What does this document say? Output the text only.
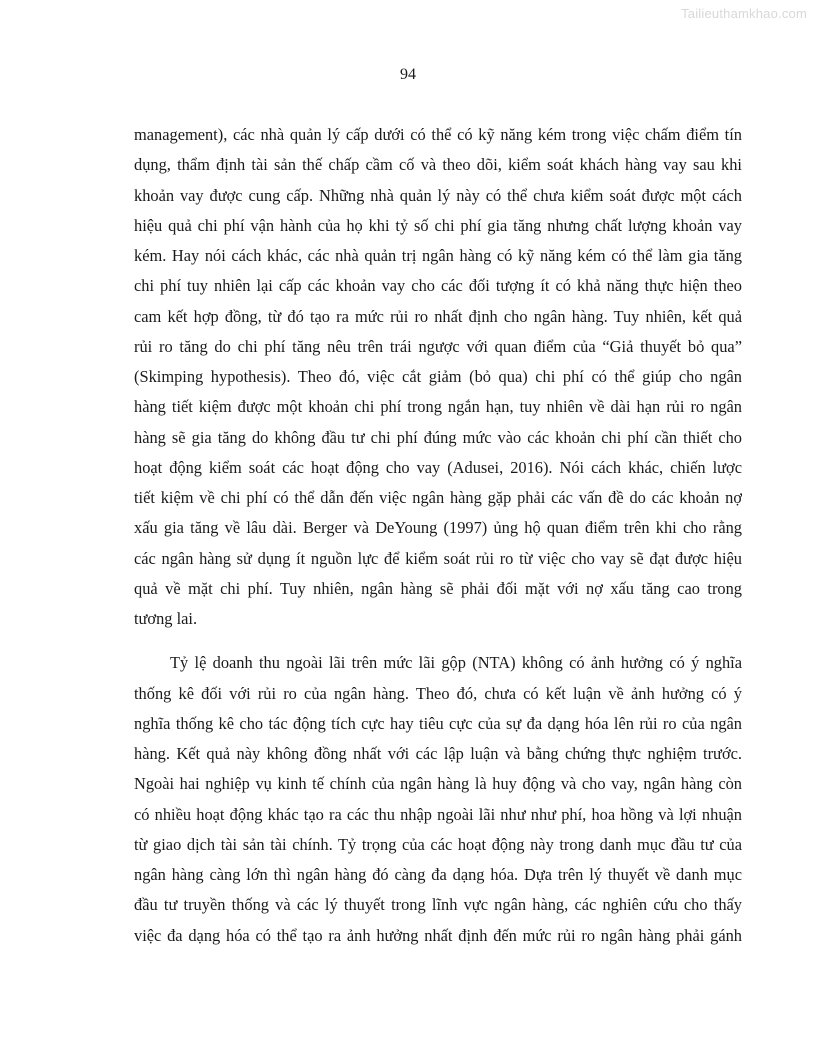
Tailieuthamkhao.com
94
management), các nhà quản lý cấp dưới có thể có kỹ năng kém trong việc chấm điểm tín
dụng, thẩm định tài sản thế chấp cầm cố và theo dõi, kiểm soát khách hàng vay sau khi
khoản vay được cung cấp. Những nhà quản lý này có thể chưa kiểm soát được một cách
hiệu quả chi phí vận hành của họ khi tỷ số chi phí gia tăng nhưng chất lượng khoản vay
kém. Hay nói cách khác, các nhà quản trị ngân hàng có kỹ năng kém có thể làm gia tăng
chi phí tuy nhiên lại cấp các khoản vay cho các đối tượng ít có khả năng thực hiện theo
cam kết hợp đồng, từ đó tạo ra mức rủi ro nhất định cho ngân hàng. Tuy nhiên, kết quả
rủi ro tăng do chi phí tăng nêu trên trái ngược với quan điểm của “Giả thuyết bỏ qua”
(Skimping hypothesis). Theo đó, việc cắt giảm (bỏ qua) chi phí có thể giúp cho ngân
hàng tiết kiệm được một khoản chi phí trong ngắn hạn, tuy nhiên về dài hạn rủi ro ngân
hàng sẽ gia tăng do không đầu tư chi phí đúng mức vào các khoản chi phí cần thiết cho
hoạt động kiểm soát các hoạt động cho vay (Adusei, 2016). Nói cách khác, chiến lược
tiết kiệm về chi phí có thể dẫn đến việc ngân hàng gặp phải các vấn đề do các khoản nợ
xấu gia tăng về lâu dài. Berger và DeYoung (1997) ủng hộ quan điểm trên khi cho rằng
các ngân hàng sử dụng ít nguồn lực để kiểm soát rủi ro từ việc cho vay sẽ đạt được hiệu
quả về mặt chi phí. Tuy nhiên, ngân hàng sẽ phải đối mặt với nợ xấu tăng cao trong
tương lai.
Tỷ lệ doanh thu ngoài lãi trên mức lãi gộp (NTA) không có ảnh hưởng có ý nghĩa
thống kê đối với rủi ro của ngân hàng. Theo đó, chưa có kết luận về ảnh hưởng có ý
nghĩa thống kê cho tác động tích cực hay tiêu cực của sự đa dạng hóa lên rủi ro của ngân
hàng. Kết quả này không đồng nhất với các lập luận và bằng chứng thực nghiệm trước.
Ngoài hai nghiệp vụ kinh tế chính của ngân hàng là huy động và cho vay, ngân hàng còn
có nhiều hoạt động khác tạo ra các thu nhập ngoài lãi như như phí, hoa hồng và lợi nhuận
từ giao dịch tài sản tài chính. Tỷ trọng của các hoạt động này trong danh mục đầu tư của
ngân hàng càng lớn thì ngân hàng đó càng đa dạng hóa. Dựa trên lý thuyết về danh mục
đầu tư truyền thống và các lý thuyết trong lĩnh vực ngân hàng, các nghiên cứu cho thấy
việc đa dạng hóa có thể tạo ra ảnh hưởng nhất định đến mức rủi ro ngân hàng phải gánh
